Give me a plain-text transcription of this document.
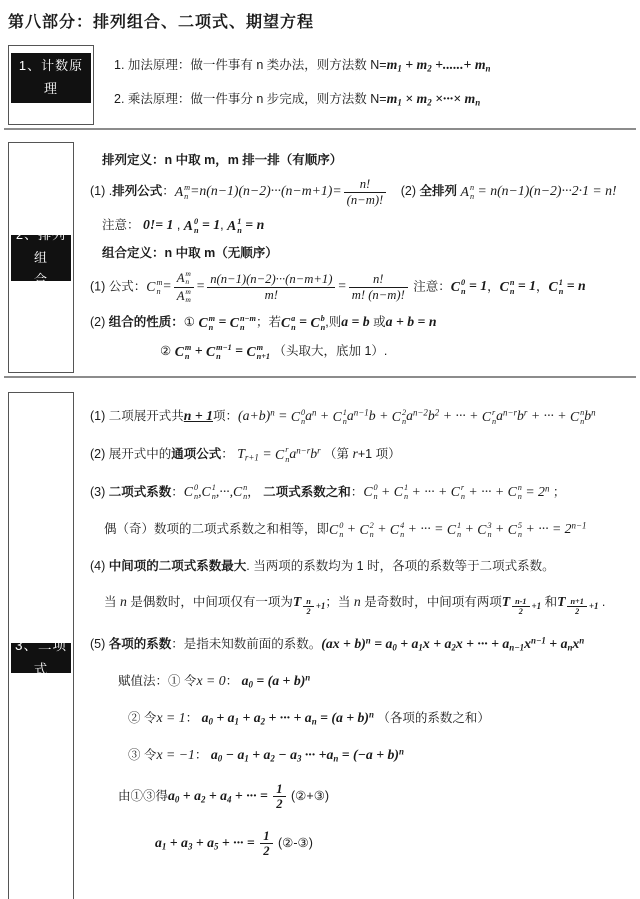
第八部分：排列组合、二项式、期望方程
1、计数原
理
1. 加法原理：做一件事有 n 类办法，则方法数 N=m1 + m2 +......+ mn
2. 乘法原理：做一件事分 n 步完成，则方法数 N=m1 × m2 ×···× mn
2、排列组
合
排列定义：n 中取 m，m 排一排（有顺序）
(1) .排列公式： A m
$n =n(n-1)(n-2)\cdot\cdot\cdot(n-m+1)= \frac{n!}{(n-m)!}$ 　(2) 全排列 A n
n = n(n−1)(n−2)···2·1 = n!
注意： 0!= 1 , A 0
n = 1, A 1
n = n
组合定义：n 中取 m（无顺序）
(1) 公式： C m
n = A m
n
A m
$m = \frac{n(n-1)(n-2)\cdot\cdot\cdot(n-m+1)}{m!} = \frac{n!}{m! (n-m)!}$ 注意： C 0
n = 1， C n
n = 1， C 1
n = n
(2) 组合的性质：① C m
n = C n−m
n ；若 C a
n = C b
n ,则a = b 或a + b = n
② C m
n + C m−1
n = C m
n+1 （头取大，底加 1）.
3、二项式
(1) 二项展开式共n + 1项：$(a+b)^n = C$ 0
n $a^n + C$ 1
n $a^{n-1}b + C$ 2
n $a^{n-2}b^2$ + ··· + C r
n $a^{n-r}b^r$ + ··· + C n
n $b^n$
(2) 展开式中的通项公式： Tr+1 = C r
n $a^{n-r}b^r$ （第 r+1 项）
(3) 二项式系数： C 0
n , C 1
n ,···, C n
n ， 二项式系数之和： C 0
n + C 1
n + ··· + C r
n + ··· + C n
$n = 2^n$ ；
偶（奇）数项的二项式系数之和相等，即 C 0
n + C 2
n + C 4
n + ··· = C 1
n + C 3
n + C 5
n + ··· = $2^{n-1}$
(4) 中间项的二项式系数最大. 当两项的系数均为 1 时，各项的系数等于二项式系数。
当 n 是偶数时，中间项仅有一项为T $\frac{n}{2} +1$；当 n 是奇数时，中间项有两项T $\frac{n-1}{2} +1$ 和T $\frac{n+1}{2} +1$ .
(5) 各项的系数：是指未知数前面的系数。(ax + b)$^n$ = a0 + a1x + a2x + ··· + $an-1x^{n-1} + anx^n$
赋值法：① 令x = 0： $a0 = (a + b)^n$
② 令x = 1： a0 + a1 + a2 + ··· + an = $(a + b)^n$ （各项的系数之和）
③ 令x = −1： a0 − a1 + a2 − a3 ··· $+an = (-a + b)^n$
由①③得a0 + a2 + a4 + ··· = $\frac{1}{2}$ (②+③)
a1 + a3 + a5 + ··· = $\frac{1}{2}$ (②-③)
